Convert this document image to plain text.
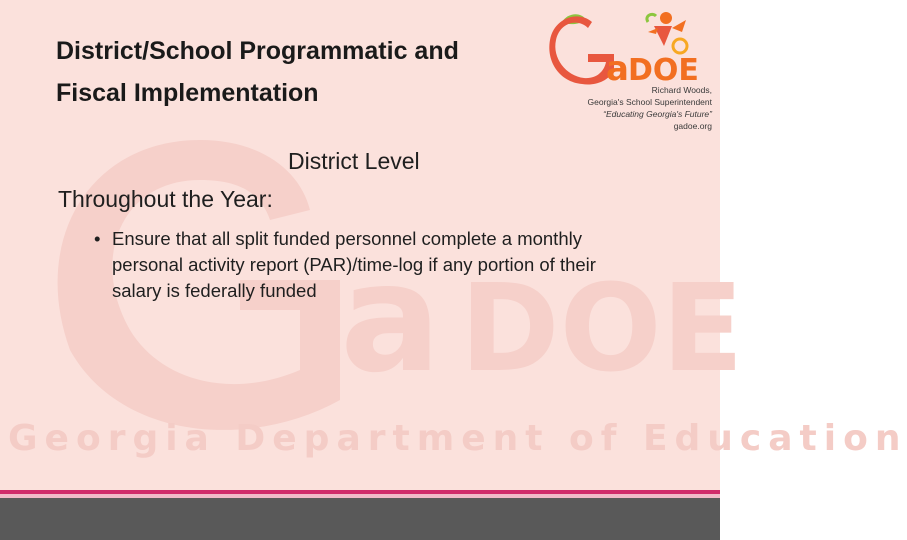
a DOE
Georgia Department of Education
District/School Programmatic and Fiscal Implementation
a DOE
Richard Woods,
Georgia's School Superintendent
“Educating Georgia's Future”
gadoe.org
District Level
Throughout the Year:
• Ensure that all split funded personnel complete a monthly personal activity report (PAR)/time-log if any portion of their salary is federally funded
